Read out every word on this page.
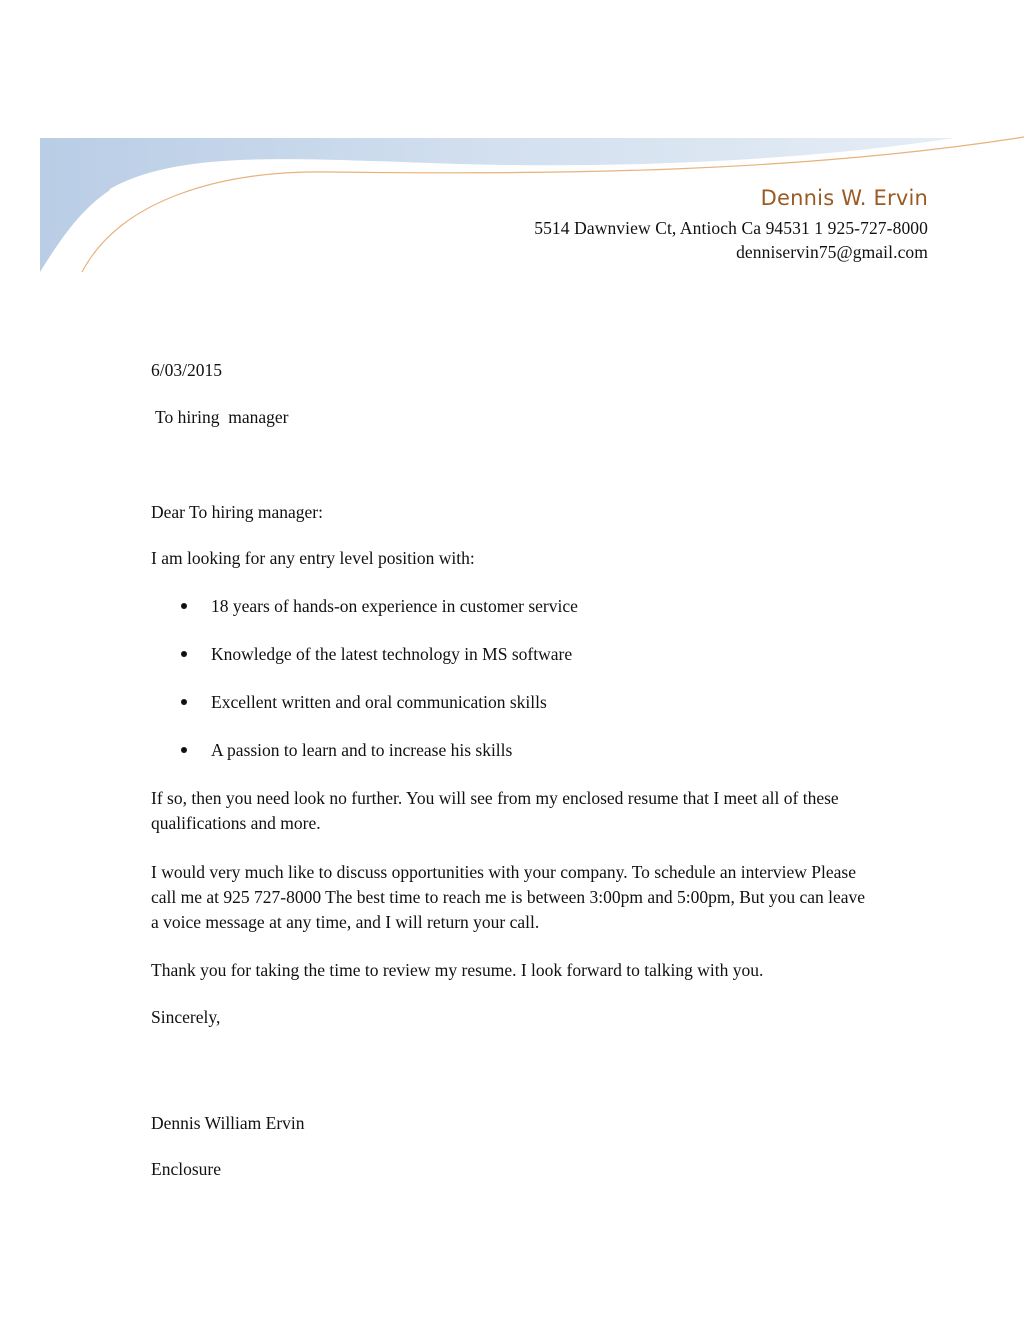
Dennis W. Ervin
5514 Dawnview Ct, Antioch Ca 94531 1 925-727-8000
denniservin75@gmail.com
6/03/2015
To hiring  manager
Dear To hiring manager:
I am looking for any entry level position with:
18 years of hands-on experience in customer service
Knowledge of the latest technology in MS software
Excellent written and oral communication skills
A passion to learn and to increase his skills
If so, then you need look no further. You will see from my enclosed resume that I meet all of these qualifications and more.
I would very much like to discuss opportunities with your company. To schedule an interview Please call me at 925 727-8000 The best time to reach me is between 3:00pm and 5:00pm, But you can leave a voice message at any time, and I will return your call.
Thank you for taking the time to review my resume. I look forward to talking with you.
Sincerely,
Dennis William Ervin
Enclosure
